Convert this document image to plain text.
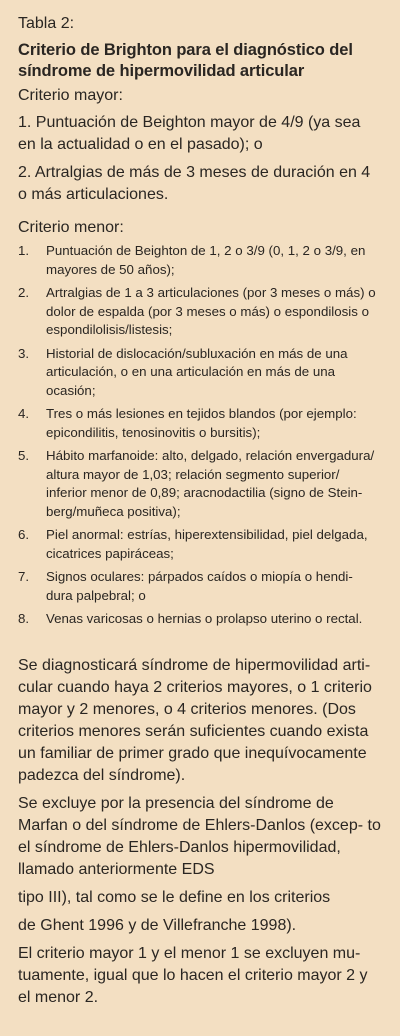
Tabla 2:
Criterio de Brighton para el diagnóstico del síndrome de hipermovilidad articular
Criterio mayor:
1. Puntuación de Beighton mayor de 4/9 (ya sea en la actualidad o en el pasado); o
2. Artralgias de más de 3 meses de duración en 4 o más articulaciones.
Criterio menor:
1.	Puntuación de Beighton de 1, 2 o 3/9 (0, 1, 2 o 3/9, en mayores de 50 años);
2.	Artralgias de 1 a 3 articulaciones (por 3 meses o más) o dolor de espalda (por 3 meses o más) o espondilosis o espondilolisis/listesis;
3.	Historial de dislocación/subluxación en más de una articulación, o en una articulación en más de una ocasión;
4.	Tres o más lesiones en tejidos blandos (por ejemplo: epicondilitis, tenosinovitis o bursitis);
5.	Hábito marfanoide: alto, delgado, relación envergadura/ altura mayor de 1,03; relación segmento superior/ inferior menor de 0,89; aracnodactilia (signo de Stein- berg/muñeca positiva);
6.	Piel anormal: estrías, hiperextensibilidad, piel delgada, cicatrices papiráceas;
7.	Signos oculares: párpados caídos o miopía o hendi- dura palpebral; o
8.	Venas varicosas o hernias o prolapso uterino o rectal.

Se diagnosticará síndrome de hipermovilidad arti- cular cuando haya 2 criterios mayores, o 1 criterio mayor y 2 menores, o 4 criterios menores. (Dos criterios menores serán suficientes cuando exista un familiar de primer grado que inequívocamente padezca del síndrome).

Se excluye por la presencia del síndrome de Marfan o del síndrome de Ehlers-Danlos (excep- to el síndrome de Ehlers-Danlos hipermovilidad, llamado anteriormente EDS

tipo III), tal como se le define en los criterios

de Ghent 1996 y de Villefranche 1998).

El criterio mayor 1 y el menor 1 se excluyen mu- tuamente, igual que lo hacen el criterio mayor 2 y el menor 2.
